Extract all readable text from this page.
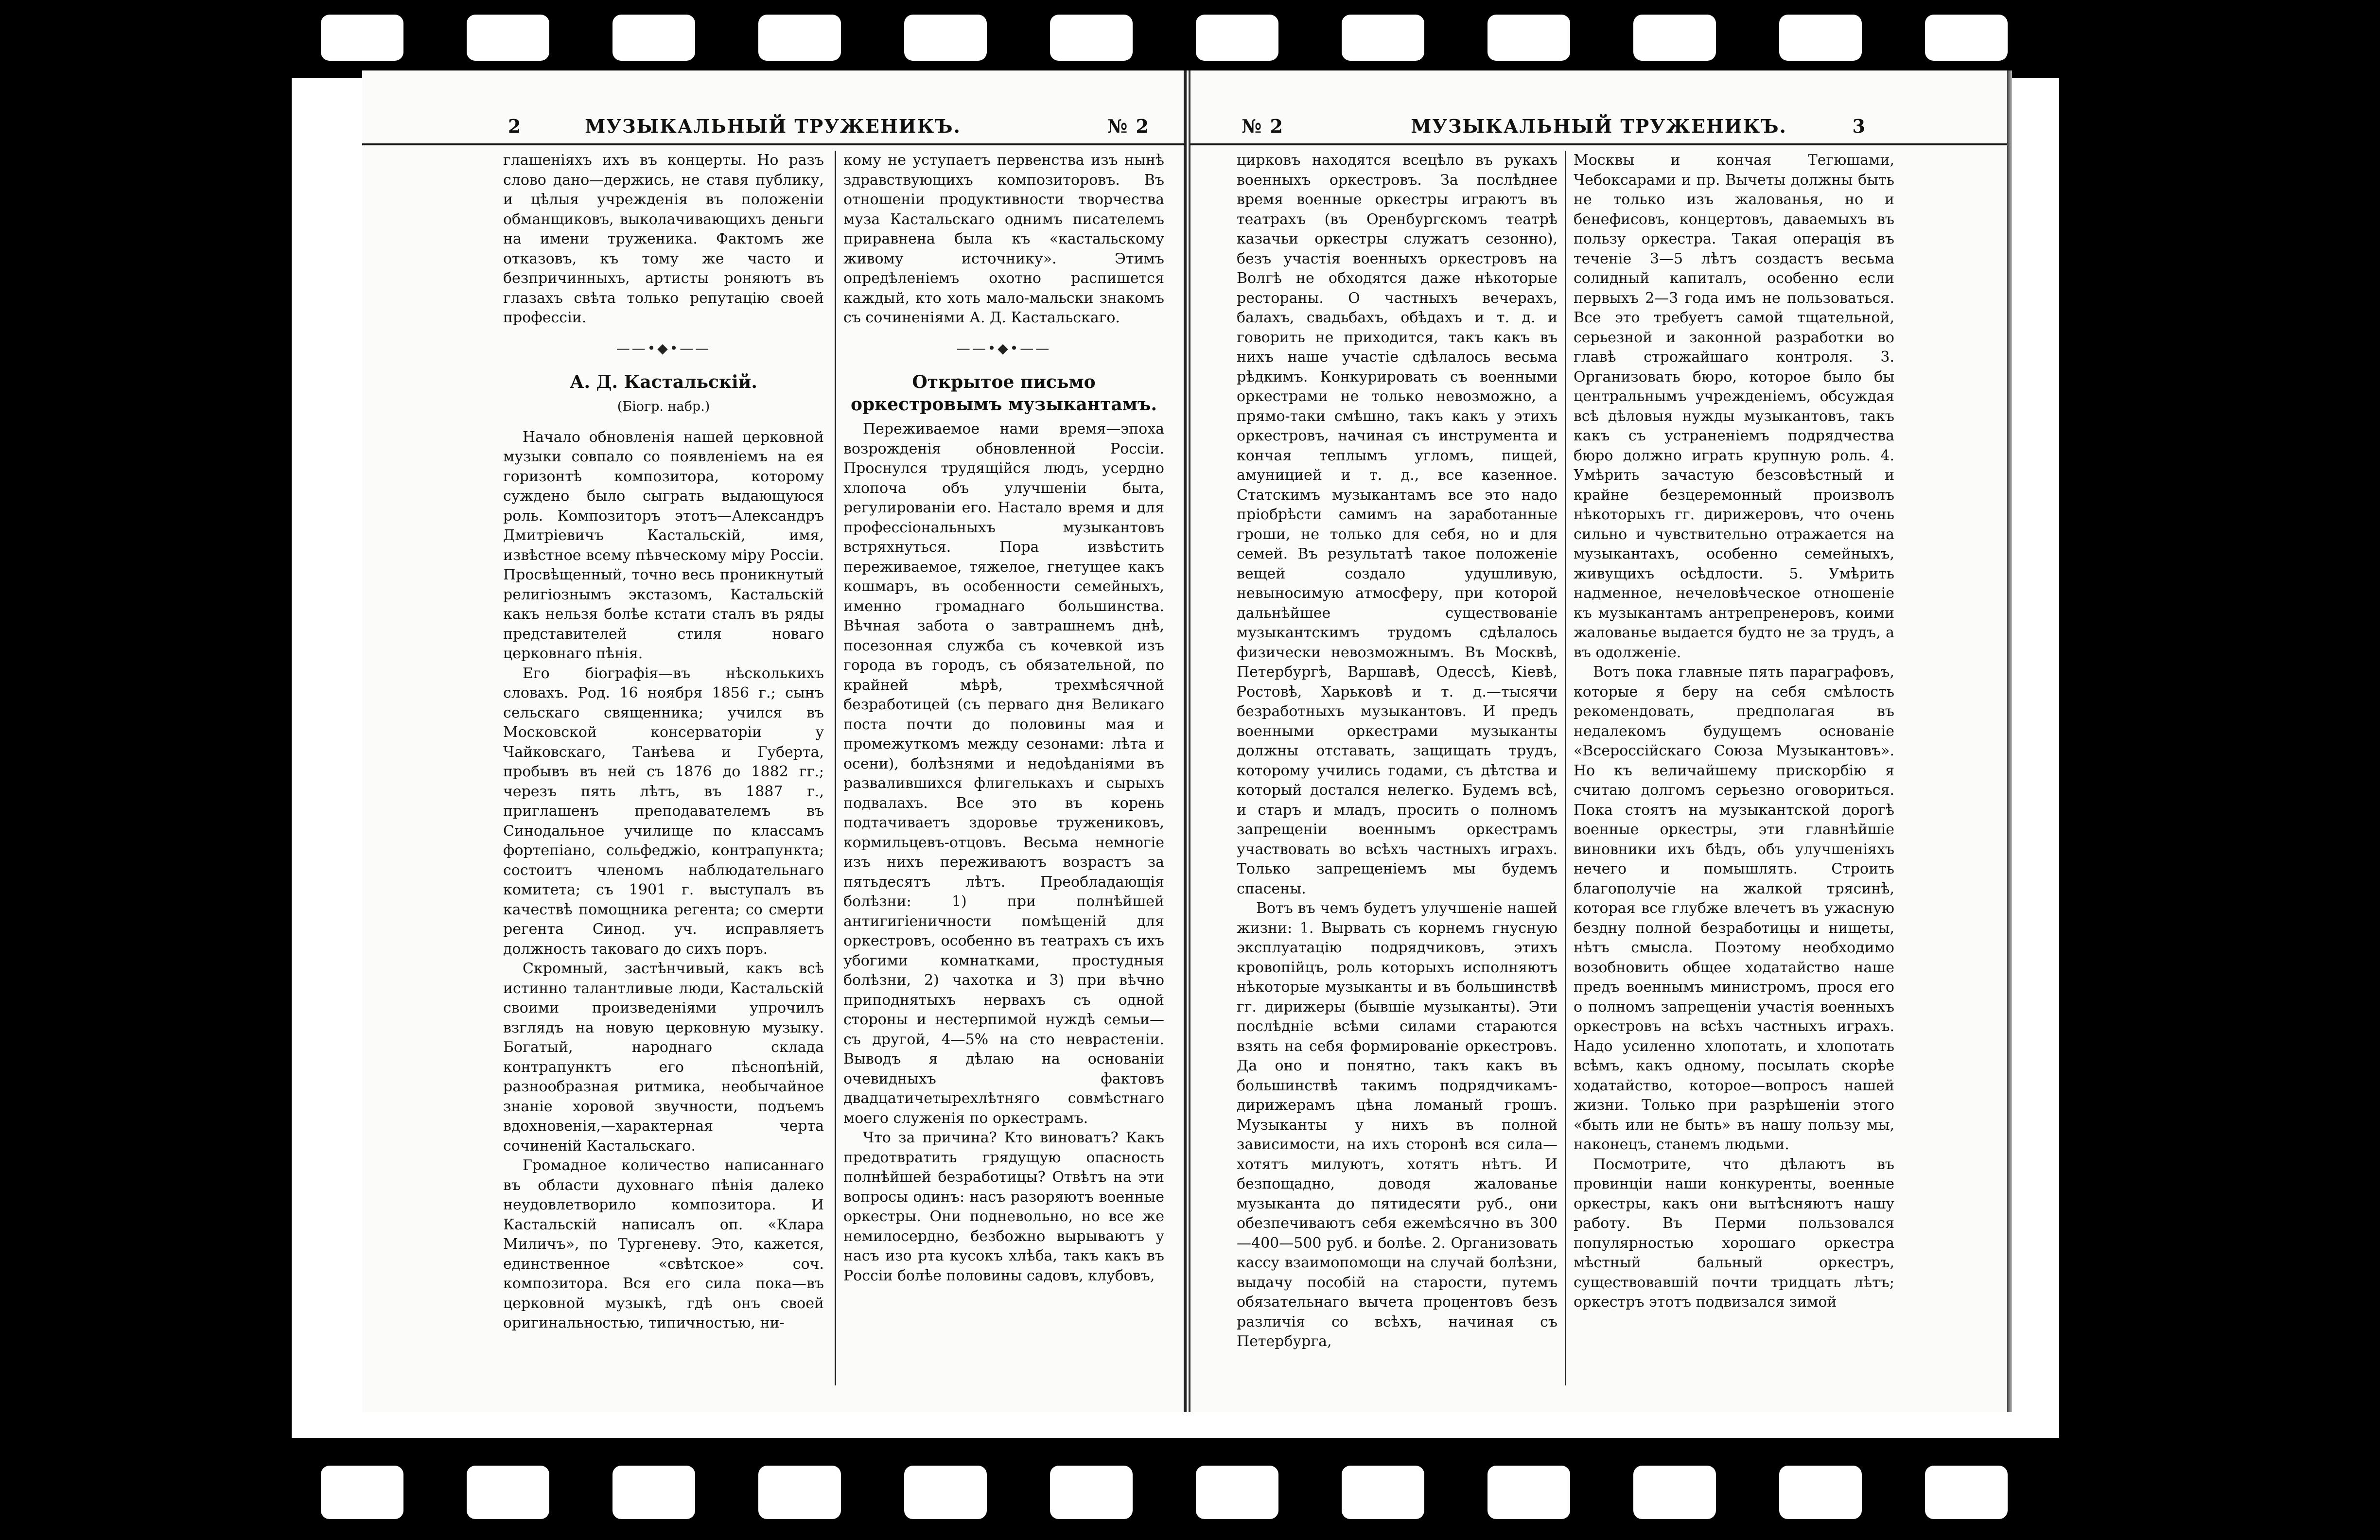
2	МУЗЫКАЛЬНЫЙ ТРУЖЕНИКЪ.	№ 2

глашеніяхъ ихъ въ концерты. Но разъ слово дано—держись, не ставя публику, и цѣлыя учрежденія въ положеніи обманщиковъ, выколачивающихъ деньги на имени труженика. Фактомъ же отказовъ, къ тому же часто и безпричинныхъ, артисты роняютъ въ глазахъ свѣта только репутацію своей профессіи.

——•◆•——
А. Д. Кастальскій.
(Біогр. набр.)

Начало обновленія нашей церковной музыки совпало со появленіемъ на ея горизонтѣ композитора, которому суждено было сыграть выдающуюся роль. Композиторъ этотъ—Александръ Дмитріевичъ Кастальскій, имя, извѣстное всему пѣвческому міру Россіи. Просвѣщенный, точно весь проникнутый религіознымъ экстазомъ, Кастальскій какъ нельзя болѣе кстати сталъ въ ряды представителей стиля новаго церковнаго пѣнія.

Его біографія—въ нѣсколькихъ словахъ. Род. 16 ноября 1856 г.; сынъ сельскаго священника; учился въ Московской консерваторіи у Чайковскаго, Танѣева и Губерта, пробывъ въ ней съ 1876 до 1882 гг.; черезъ пять лѣтъ, въ 1887 г., приглашенъ преподавателемъ въ Синодальное училище по классамъ фортепіано, сольфеджіо, контрапункта; состоитъ членомъ наблюдательнаго комитета; съ 1901 г. выступалъ въ качествѣ помощника регента; со смерти регента Синод. уч. исправляетъ должность таковаго до сихъ поръ.

Скромный, застѣнчивый, какъ всѣ истинно талантливые люди, Кастальскій своими произведеніями упрочилъ взглядъ на новую церковную музыку. Богатый, народнаго склада контрапунктъ его пѣснопѣній, разнообразная ритмика, необычайное знаніе хоровой звучности, подъемъ вдохновенія,—характерная черта сочиненій Кастальскаго.

Громадное количество написаннаго въ области духовнаго пѣнія далеко неудовлетворило композитора. И Кастальскій написалъ оп. «Клара Миличъ», по Тургеневу. Это, кажется, единственное «свѣтское» соч. композитора. Вся его сила пока—въ церковной музыкѣ, гдѣ онъ своей оригинальностью, типичностью, ни-

кому не уступаетъ первенства изъ нынѣ здравствующихъ композиторовъ. Въ отношеніи продуктивности творчества муза Кастальскаго однимъ писателемъ приравнена была къ «кастальскому живому источнику». Этимъ опредѣленіемъ охотно распишется каждый, кто хоть мало-мальски знакомъ съ сочиненіями А. Д. Кастальскаго.

——•◆•——
Открытое письмо оркестровымъ музыкантамъ.

Переживаемое нами время—эпоха возрожденія обновленной Россіи. Проснулся трудящійся людъ, усердно хлопоча объ улучшеніи быта, регулированіи его. Настало время и для профессіональныхъ музыкантовъ встряхнуться. Пора извѣстить переживаемое, тяжелое, гнетущее какъ кошмаръ, въ особенности семейныхъ, именно громаднаго большинства. Вѣчная забота о завтрашнемъ днѣ, посезонная служба съ кочевкой изъ города въ городъ, съ обязательной, по крайней мѣрѣ, трехмѣсячной безработицей (съ перваго дня Великаго поста почти до половины мая и промежуткомъ между сезонами: лѣта и осени), болѣзнями и недоѣданіями въ развалившихся флигелькахъ и сырыхъ подвалахъ. Все это въ корень подтачиваетъ здоровье тружениковъ, кормильцевъ-отцовъ. Весьма немногіе изъ нихъ переживаютъ возрастъ за пятьдесятъ лѣтъ. Преобладающія болѣзни: 1) при полнѣйшей антигигіеничности помѣщеній для оркестровъ, особенно въ театрахъ съ ихъ убогими комнатками, простудныя болѣзни, 2) чахотка и 3) при вѣчно приподнятыхъ нервахъ съ одной стороны и нестерпимой нуждѣ семьи—съ другой, 4—5% на сто неврастеніи. Выводъ я дѣлаю на основаніи очевидныхъ фактовъ двадцатичетырехлѣтняго совмѣстнаго моего служенія по оркестрамъ.

Что за причина? Кто виноватъ? Какъ предотвратить грядущую опасность полнѣйшей безработицы? Отвѣтъ на эти вопросы одинъ: насъ разоряютъ военные оркестры. Они подневольно, но все же немилосердно, безбожно вырываютъ у насъ изо рта кусокъ хлѣба, такъ какъ въ Россіи болѣе половины садовъ, клубовъ,

№ 2	МУЗЫКАЛЬНЫЙ ТРУЖЕНИКЪ.	3

цирковъ находятся всецѣло въ рукахъ военныхъ оркестровъ. За послѣднее время военные оркестры играютъ въ театрахъ (въ Оренбургскомъ театрѣ казачьи оркестры служатъ сезонно), безъ участія военныхъ оркестровъ на Волгѣ не обходятся даже нѣкоторые рестораны. О частныхъ вечерахъ, балахъ, свадьбахъ, обѣдахъ и т. д. и говорить не приходится, такъ какъ въ нихъ наше участіе сдѣлалось весьма рѣдкимъ. Конкурировать съ военными оркестрами не только невозможно, а прямо-таки смѣшно, такъ какъ у этихъ оркестровъ, начиная съ инструмента и кончая теплымъ угломъ, пищей, амуницией и т. д., все казенное. Статскимъ музыкантамъ все это надо пріобрѣсти самимъ на заработанные гроши, не только для себя, но и для семей. Въ результатѣ такое положеніе вещей создало удушливую, невыносимую атмосферу, при которой дальнѣйшее существованіе музыкантскимъ трудомъ сдѣлалось физически невозможнымъ. Въ Москвѣ, Петербургѣ, Варшавѣ, Одессѣ, Кіевѣ, Ростовѣ, Харьковѣ и т. д.—тысячи безработныхъ музыкантовъ. И предъ военными оркестрами музыканты должны отставать, защищать трудъ, которому учились годами, съ дѣтства и который достался нелегко. Будемъ всѣ, и старъ и младъ, просить о полномъ запрещеніи военнымъ оркестрамъ участвовать во всѣхъ частныхъ играхъ. Только запрещеніемъ мы будемъ спасены.

Вотъ въ чемъ будетъ улучшеніе нашей жизни: 1. Вырвать съ корнемъ гнусную эксплуатацію подрядчиковъ, этихъ кровопійцъ, роль которыхъ исполняютъ нѣкоторые музыканты и въ большинствѣ гг. дирижеры (бывшіе музыканты). Эти послѣдніе всѣми силами стараются взять на себя формированіе оркестровъ. Да оно и понятно, такъ какъ въ большинствѣ такимъ подрядчикамъ-дирижерамъ цѣна ломаный грошъ. Музыканты у нихъ въ полной зависимости, на ихъ сторонѣ вся сила—хотятъ милуютъ, хотятъ нѣтъ. И безпощадно, доводя жалованье музыканта до пятидесяти руб., они обезпечиваютъ себя ежемѣсячно въ 300—400—500 руб. и болѣе. 2. Организовать кассу взаимопомощи на случай болѣзни, выдачу пособій на старости, путемъ обязательнаго вычета процентовъ безъ различія со всѣхъ, начиная съ Петербурга,

Москвы и кончая Тегюшами, Чебоксарами и пр. Вычеты должны быть не только изъ жалованья, но и бенефисовъ, концертовъ, даваемыхъ въ пользу оркестра. Такая операція въ теченіе 3—5 лѣтъ создастъ весьма солидный капиталъ, особенно если первыхъ 2—3 года имъ не пользоваться. Все это требуетъ самой тщательной, серьезной и законной разработки во главѣ строжайшаго контроля. 3. Организовать бюро, которое было бы центральнымъ учрежденіемъ, обсуждая всѣ дѣловыя нужды музыкантовъ, такъ какъ съ устраненіемъ подрядчества бюро должно играть крупную роль. 4. Умѣрить зачастую безсовѣстный и крайне безцеремонный произволъ нѣкоторыхъ гг. дирижеровъ, что очень сильно и чувствительно отражается на музыкантахъ, особенно семейныхъ, живущихъ осѣдлости. 5. Умѣрить надменное, нечеловѣческое отношеніе къ музыкантамъ антрепренеровъ, коими жалованье выдается будто не за трудъ, а въ одолженіе.

Вотъ пока главные пять параграфовъ, которые я беру на себя смѣлость рекомендовать, предполагая въ недалекомъ будущемъ основаніе «Всероссійскаго Союза Музыкантовъ». Но къ величайшему прискорбію я считаю долгомъ серьезно оговориться. Пока стоятъ на музыкантской дорогѣ военные оркестры, эти главнѣйшіе виновники ихъ бѣдъ, объ улучшеніяхъ нечего и помышлять. Строить благополучіе на жалкой трясинѣ, которая все глубже влечетъ въ ужасную бездну полной безработицы и нищеты, нѣтъ смысла. Поэтому необходимо возобновить общее ходатайство наше предъ военнымъ министромъ, прося его о полномъ запрещеніи участія военныхъ оркестровъ на всѣхъ частныхъ играхъ. Надо усиленно хлопотать, и хлопотать всѣмъ, какъ одному, посылать скорѣе ходатайство, которое—вопросъ нашей жизни. Только при разрѣшеніи этого «быть или не быть» въ нашу пользу мы, наконецъ, станемъ людьми.

Посмотрите, что дѣлаютъ въ провинціи наши конкуренты, военные оркестры, какъ они вытѣсняютъ нашу работу. Въ Перми пользовался популярностью хорошаго оркестра мѣстный бальный оркестръ, существовавшій почти тридцать лѣтъ; оркестръ этотъ подвизался зимой
